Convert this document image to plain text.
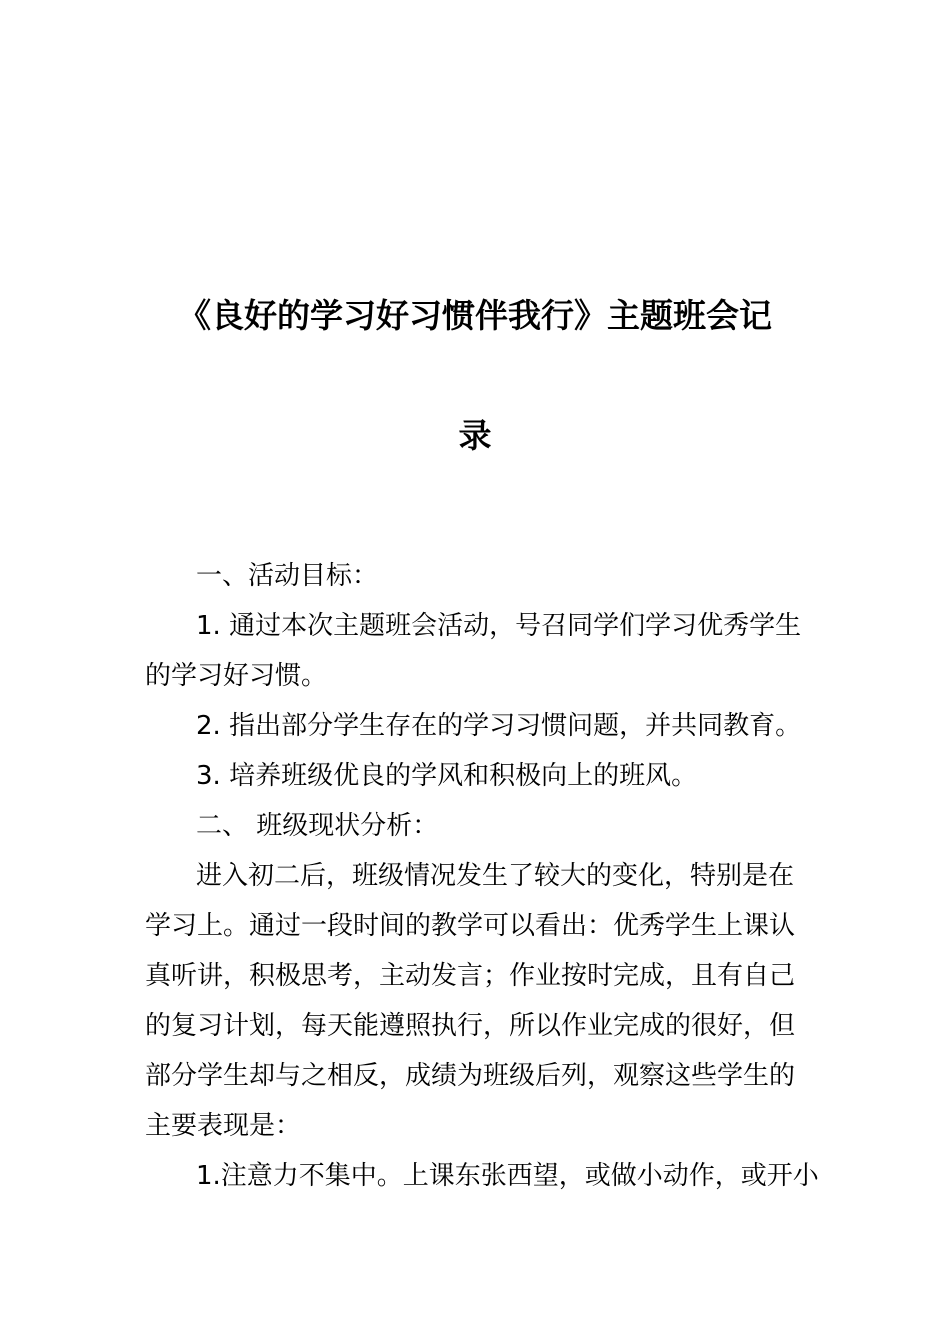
《良好的学习好习惯伴我行》主题班会记
录
一、活动目标：
1. 通过本次主题班会活动，号召同学们学习优秀学生
的学习好习惯。
2. 指出部分学生存在的学习习惯问题，并共同教育。
3. 培养班级优良的学风和积极向上的班风。
二、 班级现状分析：
进入初二后，班级情况发生了较大的变化，特别是在
学习上。通过一段时间的教学可以看出：优秀学生上课认
真听讲，积极思考，主动发言；作业按时完成，且有自己
的复习计划，每天能遵照执行，所以作业完成的很好，但
部分学生却与之相反，成绩为班级后列，观察这些学生的
主要表现是：
1.注意力不集中。上课东张西望，或做小动作，或开小
